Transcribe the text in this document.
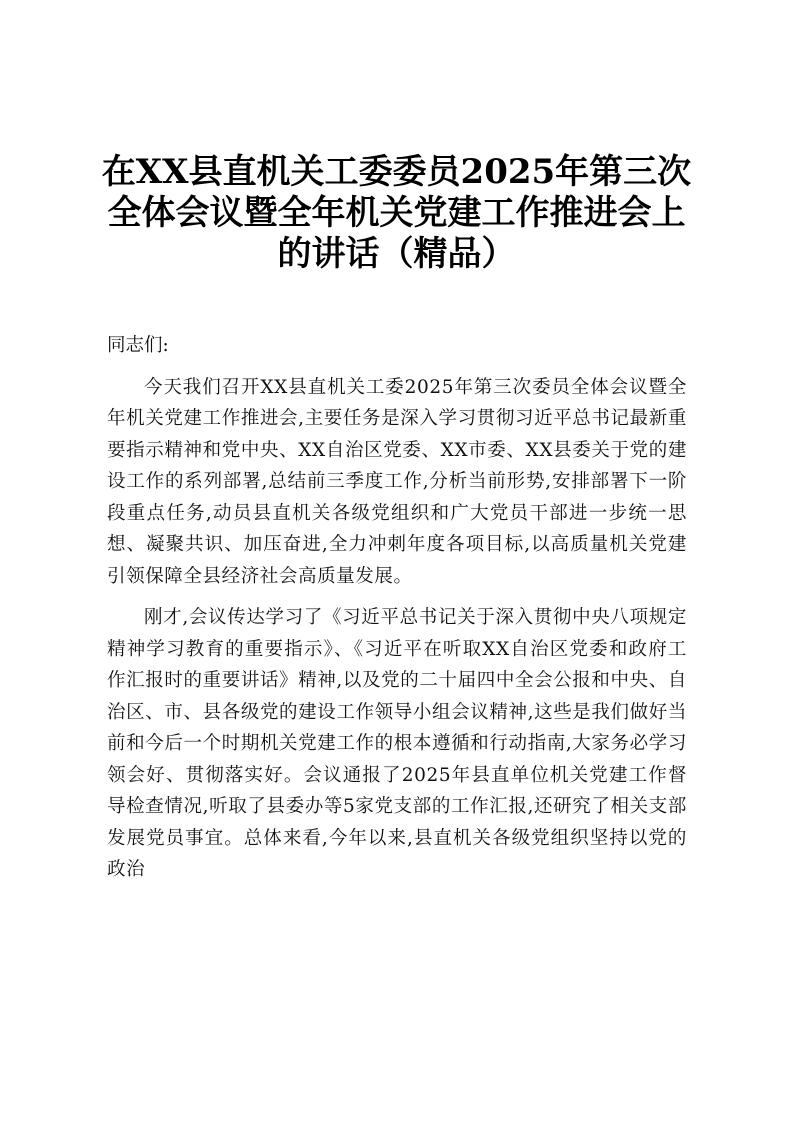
在XX县直机关工委委员2025年第三次全体会议暨全年机关党建工作推进会上的讲话（精品）

同志们:

今天我们召开XX县直机关工委2025年第三次委员全体会议暨全年机关党建工作推进会,主要任务是深入学习贯彻习近平总书记最新重要指示精神和党中央、XX自治区党委、XX市委、XX县委关于党的建设工作的系列部署,总结前三季度工作,分析当前形势,安排部署下一阶段重点任务,动员县直机关各级党组织和广大党员干部进一步统一思想、凝聚共识、加压奋进,全力冲刺年度各项目标,以高质量机关党建引领保障全县经济社会高质量发展。

刚才,会议传达学习了《习近平总书记关于深入贯彻中央八项规定精神学习教育的重要指示》、《习近平在听取XX自治区党委和政府工作汇报时的重要讲话》精神,以及党的二十届四中全会公报和中央、自治区、市、县各级党的建设工作领导小组会议精神,这些是我们做好当前和今后一个时期机关党建工作的根本遵循和行动指南,大家务必学习领会好、贯彻落实好。会议通报了2025年县直单位机关党建工作督导检查情况,听取了县委办等5家党支部的工作汇报,还研究了相关支部发展党员事宜。总体来看,今年以来,县直机关各级党组织坚持以党的政治
